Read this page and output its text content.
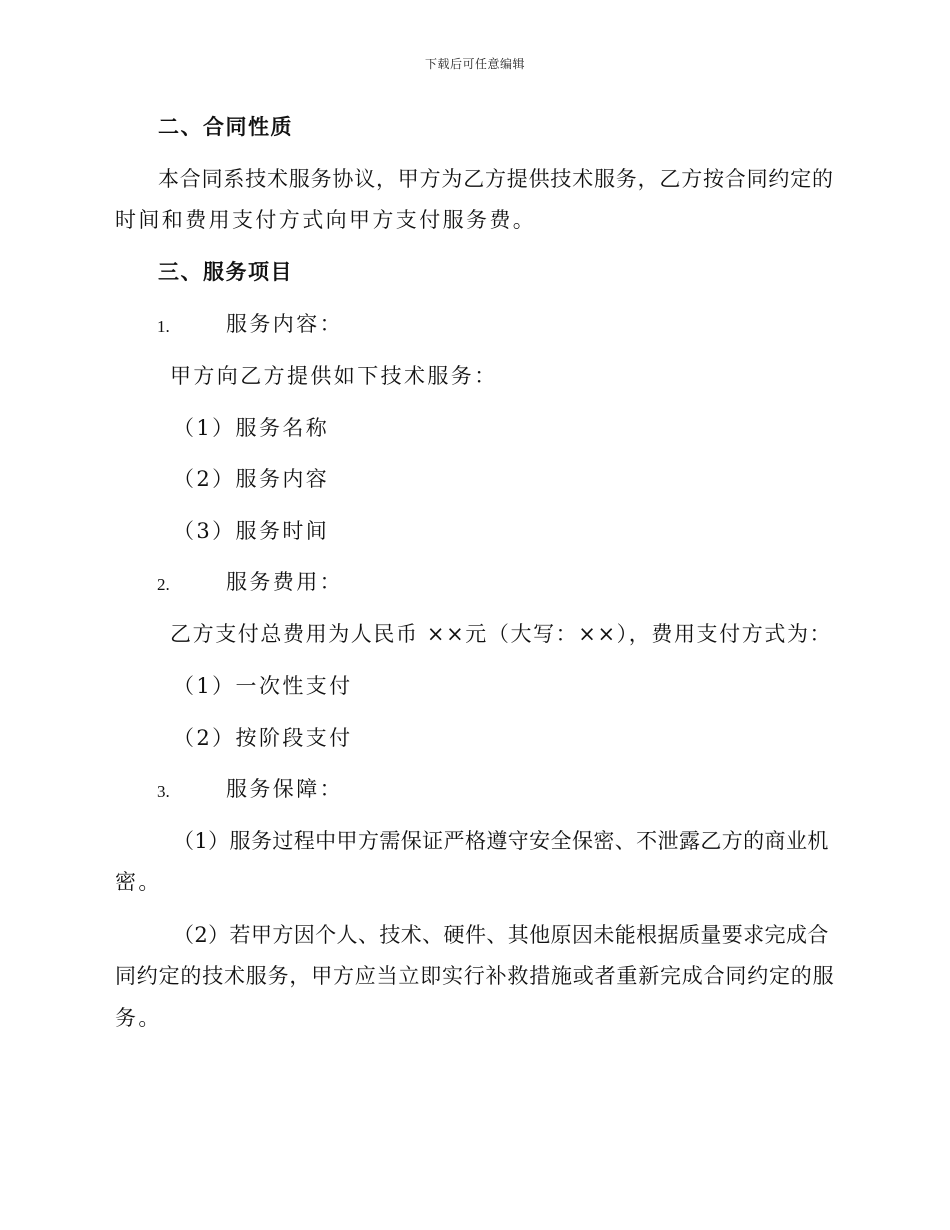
下载后可任意编辑
二、合同性质
本合同系技术服务协议，甲方为乙方提供技术服务，乙方按合同约定的
时间和费用支付方式向甲方支付服务费。
三、服务项目
1.	服务内容：
甲方向乙方提供如下技术服务：
（1）服务名称
（2）服务内容
（3）服务时间
2.	服务费用：
乙方支付总费用为人民币 ××元（大写：××），费用支付方式为：
（1）一次性支付
（2）按阶段支付
3.	服务保障：
（1）服务过程中甲方需保证严格遵守安全保密、不泄露乙方的商业机
密。
（2）若甲方因个人、技术、硬件、其他原因未能根据质量要求完成合
同约定的技术服务，甲方应当立即实行补救措施或者重新完成合同约定的服
务。
